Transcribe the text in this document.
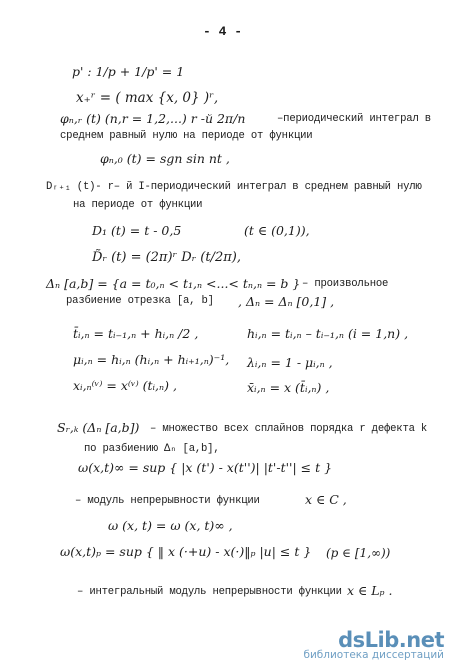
- 4 -
p' : 1/p + 1/p' = 1
x₊ʳ = ( max {x, 0} )ʳ,
φₙ,ᵣ (t) (n,r = 1,2,...) r -й 2π/n	–периодический интеграл в
среднем равный нулю на периоде от функции
φₙ,₀ (t) = sgn sin nt ,
Dᵣ₊₁ (t)- r– й I-периодический интеграл в среднем равный нулю
на периоде от функции
D₁ (t) = t - 0,5	(t ∈ (0,1)),
D̃ᵣ (t) = (2π)ʳ Dᵣ (t/2π),
Δₙ [a,b] = {a = t₀,ₙ < t₁,ₙ <...< tₙ,ₙ = b } – произвольное
разбиение отрезка [a, b] , Δₙ = Δₙ [0,1] ,
t̄ᵢ,ₙ = tᵢ₋₁,ₙ + hᵢ,ₙ /2 ,	hᵢ,ₙ = tᵢ,ₙ – tᵢ₋₁,ₙ (i = 1,n) ,
μᵢ,ₙ = hᵢ,ₙ (hᵢ,ₙ + hᵢ₊₁,ₙ)⁻¹, λᵢ,ₙ = 1 - μᵢ,ₙ ,
xᵢ,ₙ⁽ᵛ⁾ = x⁽ᵛ⁾ (tᵢ,ₙ) ,	x̄ᵢ,ₙ = x (t̄ᵢ,ₙ) ,
Sᵣ,ₖ (Δₙ [a,b]) – множество всех сплайнов порядка r дефекта k
по разбиению Δₙ [a,b],
ω(x,t)∞ = sup { |x (t') - x(t'')| |t'-t''| ≤ t }
– модуль непрерывности функции	x ∈ C ,
ω (x, t) = ω (x, t)∞ ,
ω(x,t)ₚ = sup { ‖ x (·+u) - x(·)‖ₚ |u| ≤ t } (p ∈ [1,∞))
– интегральный модуль непрерывности функции x ∈ Lₚ .
dsLib.net
библиотека диссертаций
